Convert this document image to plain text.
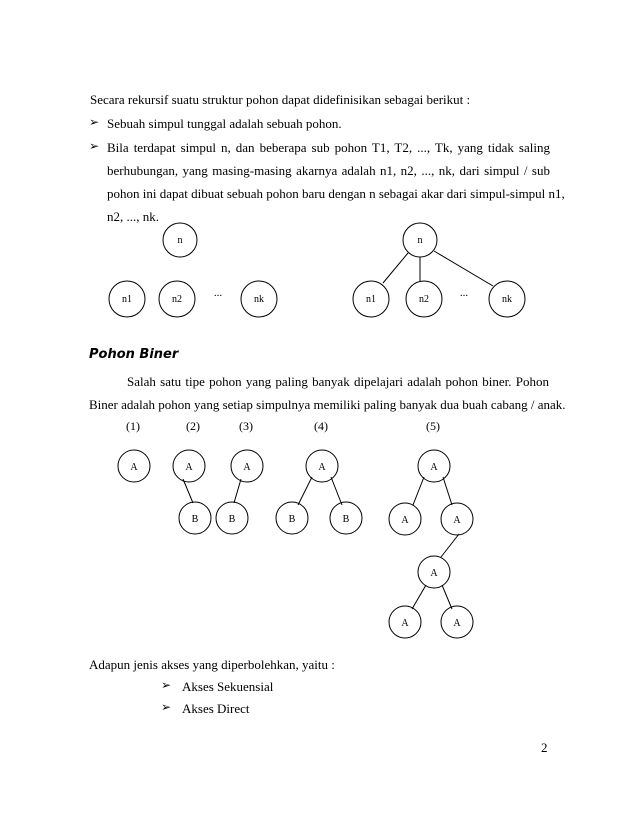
Secara rekursif suatu struktur pohon dapat didefinisikan sebagai berikut :
➢ Sebuah simpul tunggal adalah sebuah pohon.
➢ Bila terdapat simpul n, dan beberapa sub pohon T1, T2, ..., Tk, yang tidak saling
berhubungan, yang masing-masing akarnya adalah n1, n2, ..., nk, dari simpul / sub
pohon ini dapat dibuat sebuah pohon baru dengan n sebagai akar dari simpul-simpul n1,
n2, ..., nk.
n
n1	n2	nk
...
n
n1	n2	nk
...
Pohon Biner
Salah satu tipe pohon yang paling banyak dipelajari adalah pohon biner. Pohon
Biner adalah pohon yang setiap simpulnya memiliki paling banyak dua buah cabang / anak.
(1)	(2)	(3)	(4)	(5)
A	A
B
A
B
A
B	B
A
A	A
A
A	A
Adapun jenis akses yang diperbolehkan, yaitu :
➢ Akses Sekuensial
➢ Akses Direct
2
